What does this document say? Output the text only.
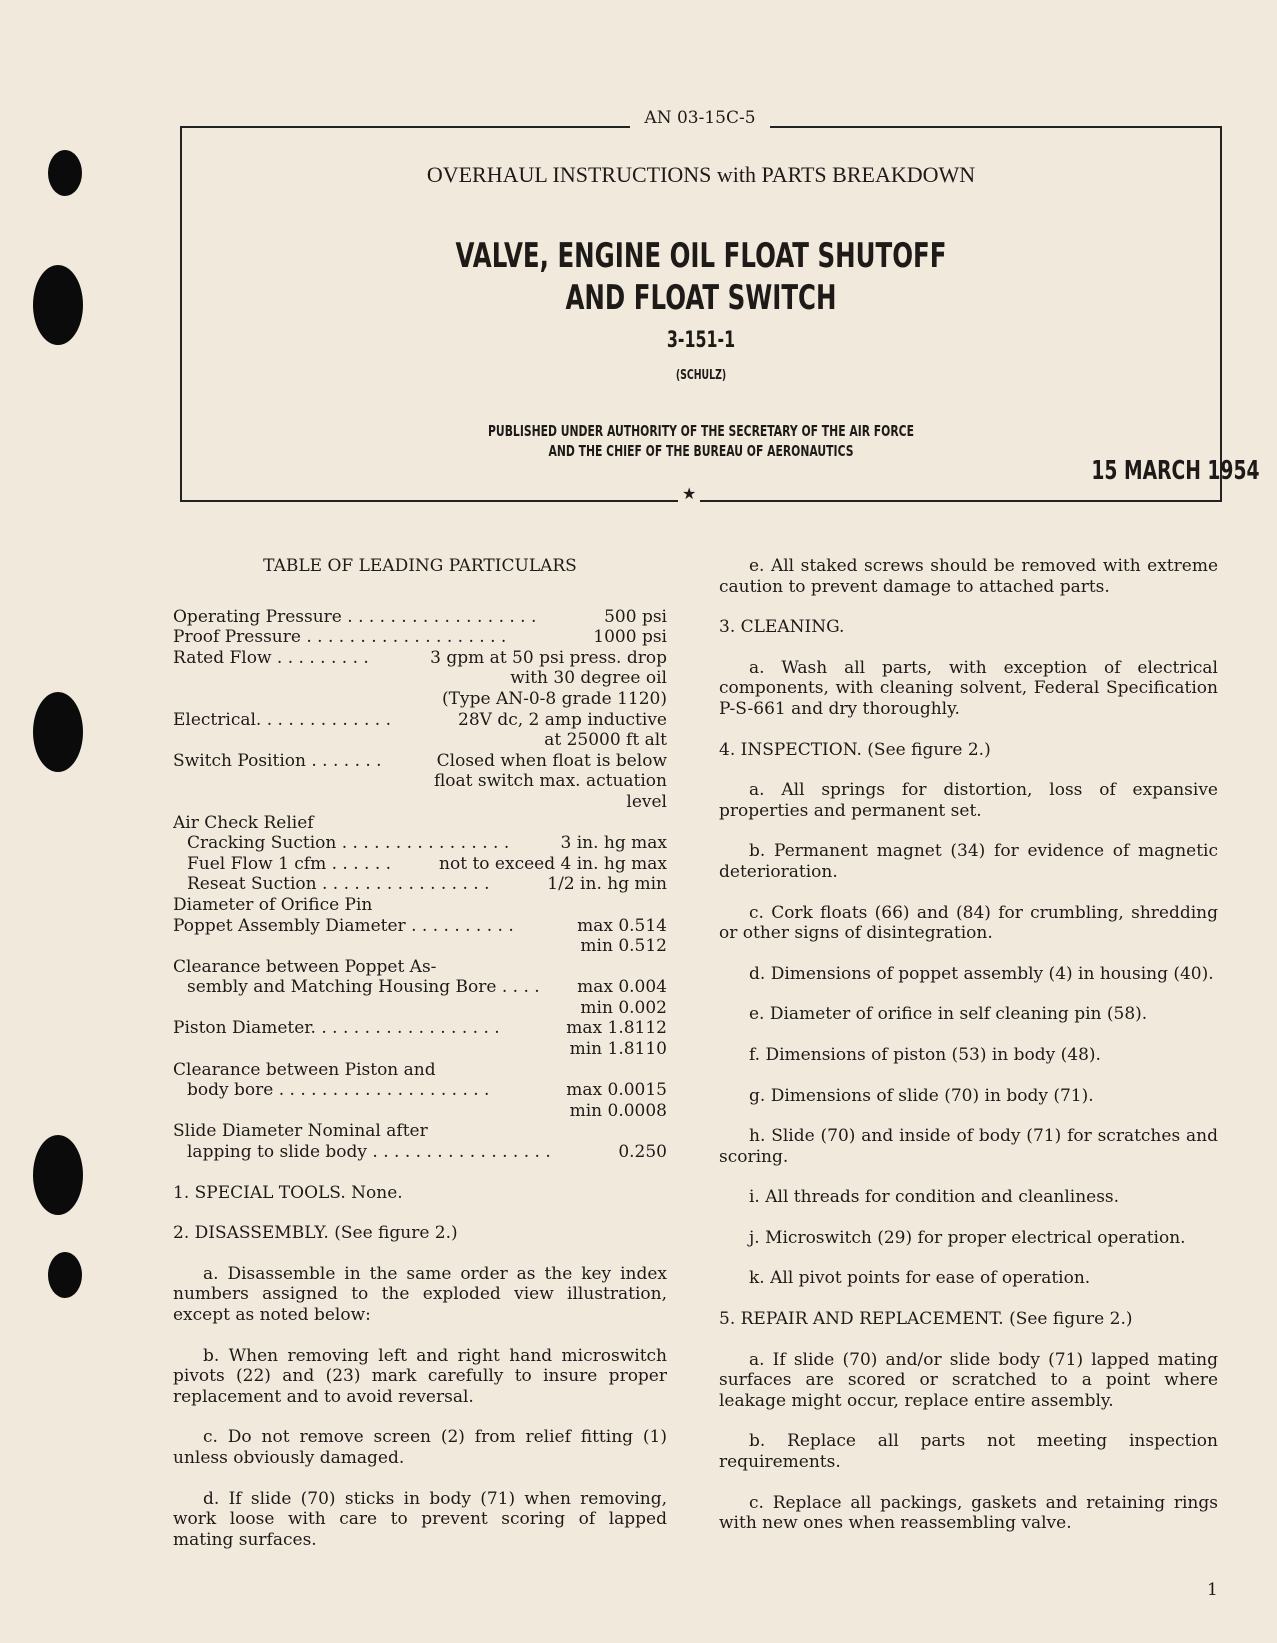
OVERHAUL INSTRUCTIONS with PARTS BREAKDOWN
VALVE, ENGINE OIL FLOAT SHUTOFF
AND FLOAT SWITCH
3-151-1
(SCHULZ)
PUBLISHED UNDER AUTHORITY OF THE SECRETARY OF THE AIR FORCE
AND THE CHIEF OF THE BUREAU OF AERONAUTICS
15 MARCH 1954
AN 03-15C-5
★

TABLE OF LEADING PARTICULARS

Operating Pressure . . . . . . . . . . . . . . . . . .	500 psi
Proof Pressure . . . . . . . . . . . . . . . . . . .	1000 psi
Rated Flow . . . . . . . . .	3 gpm at 50 psi press. drop
with 30 degree oil
(Type AN-0-8 grade 1120)
Electrical. . . . . . . . . . . . .	28V dc, 2 amp inductive
at 25000 ft alt
Switch Position . . . . . . .	Closed when float is below
float switch max. actuation
level
Air Check Relief
Cracking Suction . . . . . . . . . . . . . . . .	3 in. hg max
Fuel Flow 1 cfm . . . . . .	not to exceed 4 in. hg max
Reseat Suction . . . . . . . . . . . . . . . .	1/2 in. hg min
Diameter of Orifice Pin
Poppet Assembly Diameter . . . . . . . . . .	max 0.514
min 0.512
Clearance between Poppet As-
sembly and Matching Housing Bore . . . . max 0.004
min 0.002
Piston Diameter. . . . . . . . . . . . . . . . . .	max 1.8112
min 1.8110
Clearance between Piston and
body bore . . . . . . . . . . . . . . . . . . . .	max 0.0015
min 0.0008
Slide Diameter Nominal after
lapping to slide body . . . . . . . . . . . . . . . . .	0.250

1. SPECIAL TOOLS. None.

2. DISASSEMBLY. (See figure 2.)

a. Disassemble in the same order as the key index numbers assigned to the exploded view illustration, except as noted below:

b. When removing left and right hand microswitch pivots (22) and (23) mark carefully to insure proper replacement and to avoid reversal.

c. Do not remove screen (2) from relief fitting (1) unless obviously damaged.

d. If slide (70) sticks in body (71) when removing, work loose with care to prevent scoring of lapped mating surfaces.

e. All staked screws should be removed with extreme caution to prevent damage to attached parts.

3. CLEANING.

a. Wash all parts, with exception of electrical components, with cleaning solvent, Federal Specification P-S-661 and dry thoroughly.

4. INSPECTION. (See figure 2.)

a. All springs for distortion, loss of expansive properties and permanent set.

b. Permanent magnet (34) for evidence of magnetic deterioration.

c. Cork floats (66) and (84) for crumbling, shredding or other signs of disintegration.

d. Dimensions of poppet assembly (4) in housing (40).

e. Diameter of orifice in self cleaning pin (58).

f. Dimensions of piston (53) in body (48).

g. Dimensions of slide (70) in body (71).

h. Slide (70) and inside of body (71) for scratches and scoring.

i. All threads for condition and cleanliness.

j. Microswitch (29) for proper electrical operation.

k. All pivot points for ease of operation.

5. REPAIR AND REPLACEMENT. (See figure 2.)

a. If slide (70) and/or slide body (71) lapped mating surfaces are scored or scratched to a point where leakage might occur, replace entire assembly.

b. Replace all parts not meeting inspection requirements.

c. Replace all packings, gaskets and retaining rings with new ones when reassembling valve.

1
